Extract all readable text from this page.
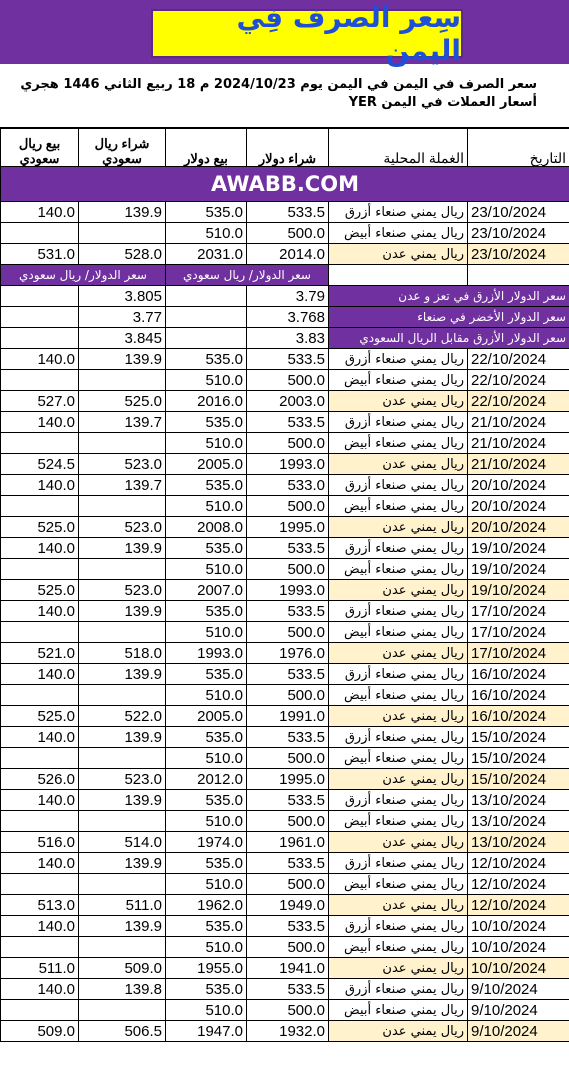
سِعر الصرف فِي اليمن
سعر الصرف في اليمن في اليمن يوم 2024/10/23 م 18 ربيع الثاني 1446 هجري أسعار العملات في اليمن YER
التاريخ	الغملة المحلية	شراء دولار	بيع دولار	شراء ريال سعودي	بيع ريال سعودي
AWABB.COM					
23/10/2024	ريال يمني صنعاء أزرق	533.5	535.0	139.9	140.0
23/10/2024	ريال يمني صنعاء أبيض	500.0	510.0		
23/10/2024	ريال يمني عدن	2014.0	2031.0	528.0	531.0
		سعر الدولار/ ريال سعودي		سعر الدولار/ ريال سعودي	
سعر الدولار الأزرق في تعز و عدن		3.79		3.805	
سعر الدولار الأخضر في صنعاء		3.768		3.77	
سعر الدولار الأزرق مقابل الريال السعودي		3.83		3.845	
22/10/2024	ريال يمني صنعاء أزرق	533.5	535.0	139.9	140.0
22/10/2024	ريال يمني صنعاء أبيض	500.0	510.0		
22/10/2024	ريال يمني عدن	2003.0	2016.0	525.0	527.0
21/10/2024	ريال يمني صنعاء أزرق	533.5	535.0	139.7	140.0
21/10/2024	ريال يمني صنعاء أبيض	500.0	510.0		
21/10/2024	ريال يمني عدن	1993.0	2005.0	523.0	524.5
20/10/2024	ريال يمني صنعاء أزرق	533.0	535.0	139.7	140.0
20/10/2024	ريال يمني صنعاء أبيض	500.0	510.0		
20/10/2024	ريال يمني عدن	1995.0	2008.0	523.0	525.0
19/10/2024	ريال يمني صنعاء أزرق	533.5	535.0	139.9	140.0
19/10/2024	ريال يمني صنعاء أبيض	500.0	510.0		
19/10/2024	ريال يمني عدن	1993.0	2007.0	523.0	525.0
17/10/2024	ريال يمني صنعاء أزرق	533.5	535.0	139.9	140.0
17/10/2024	ريال يمني صنعاء أبيض	500.0	510.0		
17/10/2024	ريال يمني عدن	1976.0	1993.0	518.0	521.0
16/10/2024	ريال يمني صنعاء أزرق	533.5	535.0	139.9	140.0
16/10/2024	ريال يمني صنعاء أبيض	500.0	510.0		
16/10/2024	ريال يمني عدن	1991.0	2005.0	522.0	525.0
15/10/2024	ريال يمني صنعاء أزرق	533.5	535.0	139.9	140.0
15/10/2024	ريال يمني صنعاء أبيض	500.0	510.0		
15/10/2024	ريال يمني عدن	1995.0	2012.0	523.0	526.0
13/10/2024	ريال يمني صنعاء أزرق	533.5	535.0	139.9	140.0
13/10/2024	ريال يمني صنعاء أبيض	500.0	510.0		
13/10/2024	ريال يمني عدن	1961.0	1974.0	514.0	516.0
12/10/2024	ريال يمني صنعاء أزرق	533.5	535.0	139.9	140.0
12/10/2024	ريال يمني صنعاء أبيض	500.0	510.0		
12/10/2024	ريال يمني عدن	1949.0	1962.0	511.0	513.0
10/10/2024	ريال يمني صنعاء أزرق	533.5	535.0	139.9	140.0
10/10/2024	ريال يمني صنعاء أبيض	500.0	510.0		
10/10/2024	ريال يمني عدن	1941.0	1955.0	509.0	511.0
9/10/2024	ريال يمني صنعاء أزرق	533.5	535.0	139.8	140.0
9/10/2024	ريال يمني صنعاء أبيض	500.0	510.0		
9/10/2024	ريال يمني عدن	1932.0	1947.0	506.5	509.0
